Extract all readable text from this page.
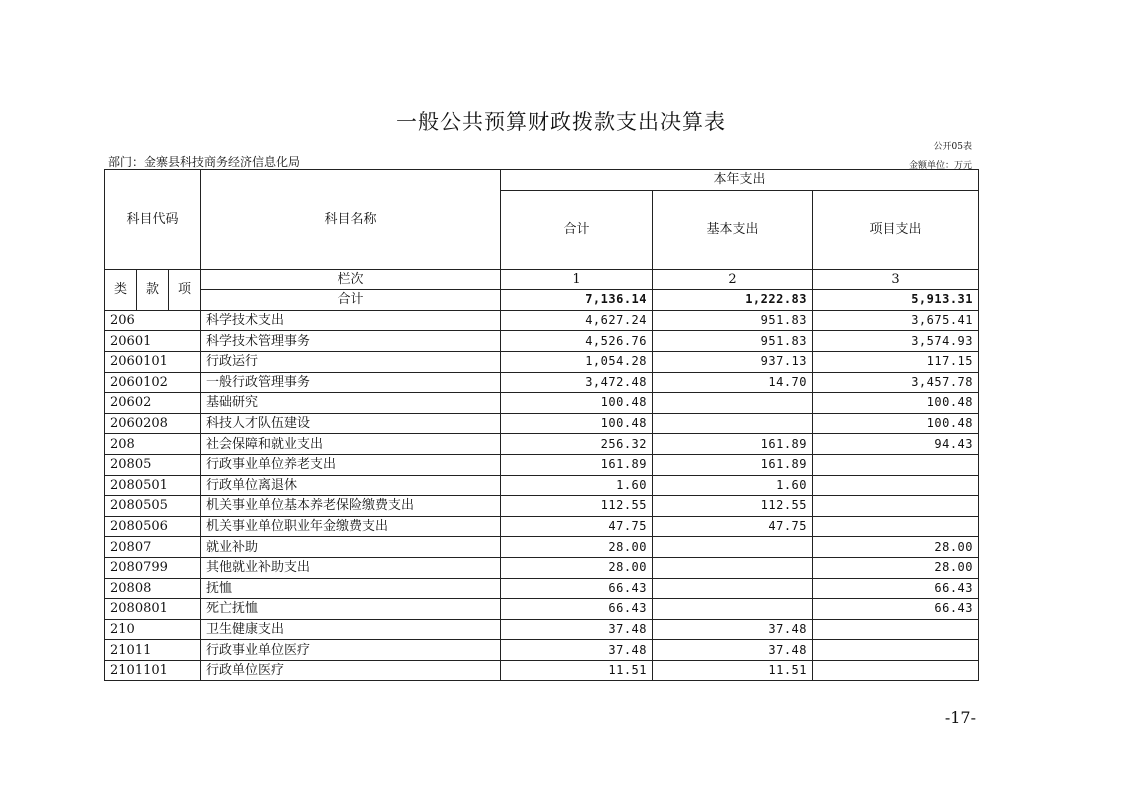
一般公共预算财政拨款支出决算表
公开05表
部门：金寨县科技商务经济信息化局	金额单位：万元
科目代码			科目名称	本年支出		
				合计	基本支出	项目支出

类	款	项	栏次	1	2	3
			合计	7,136.14	1,222.83	5,913.31
206			科学技术支出	4,627.24	951.83	3,675.41
20601			科学技术管理事务	4,526.76	951.83	3,574.93
2060101			行政运行	1,054.28	937.13	117.15
2060102			一般行政管理事务	3,472.48	14.70	3,457.78
20602			基础研究	100.48		100.48
2060208			科技人才队伍建设	100.48		100.48
208			社会保障和就业支出	256.32	161.89	94.43
20805			行政事业单位养老支出	161.89	161.89	
2080501			行政单位离退休	1.60	1.60	
2080505			机关事业单位基本养老保险缴费支出	112.55	112.55	
2080506			机关事业单位职业年金缴费支出	47.75	47.75	
20807			就业补助	28.00		28.00
2080799			其他就业补助支出	28.00		28.00
20808			抚恤	66.43		66.43
2080801			死亡抚恤	66.43		66.43
210			卫生健康支出	37.48	37.48	
21011			行政事业单位医疗	37.48	37.48	
2101101			行政单位医疗	11.51	11.51	
-17-
